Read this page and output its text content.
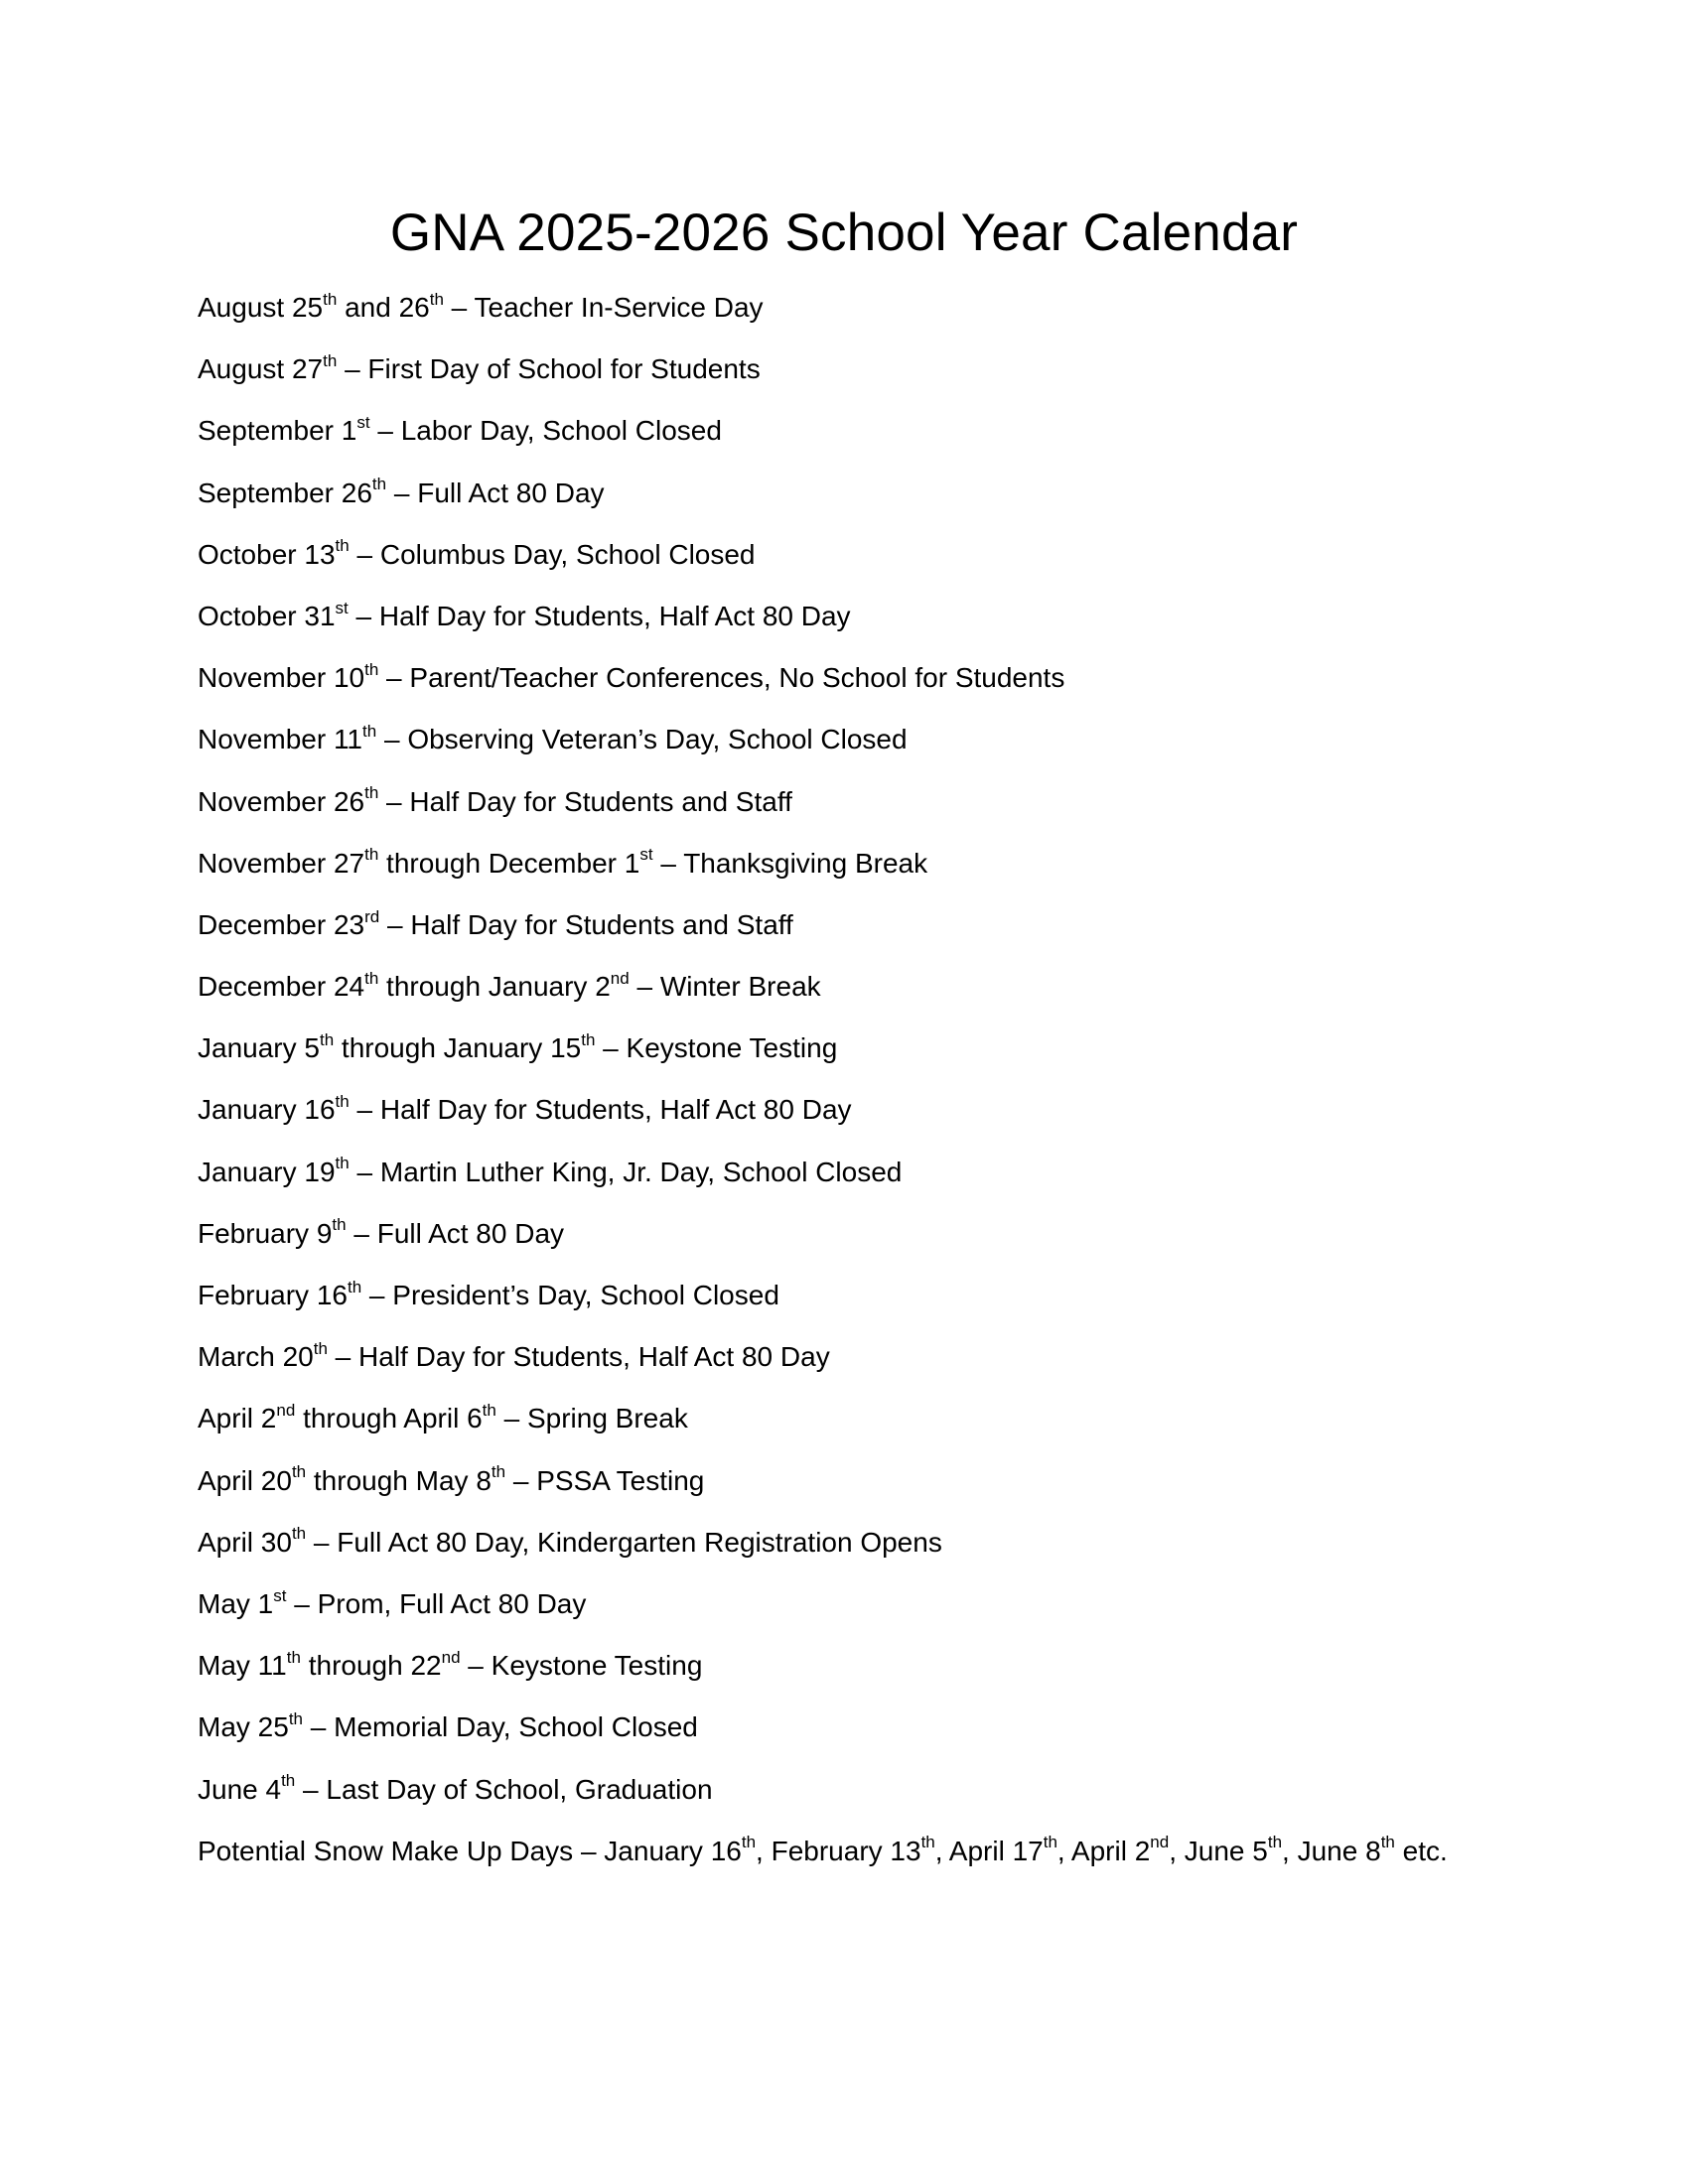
GNA 2025-2026 School Year Calendar
August 25th and 26th – Teacher In-Service Day
August 27th – First Day of School for Students
September 1st – Labor Day, School Closed
September 26th – Full Act 80 Day
October 13th – Columbus Day, School Closed
October 31st – Half Day for Students, Half Act 80 Day
November 10th – Parent/Teacher Conferences, No School for Students
November 11th – Observing Veteran’s Day, School Closed
November 26th – Half Day for Students and Staff
November 27th through December 1st – Thanksgiving Break
December 23rd – Half Day for Students and Staff
December 24th through January 2nd – Winter Break
January 5th through January 15th – Keystone Testing
January 16th – Half Day for Students, Half Act 80 Day
January 19th – Martin Luther King, Jr. Day, School Closed
February 9th – Full Act 80 Day
February 16th – President’s Day, School Closed
March 20th – Half Day for Students, Half Act 80 Day
April 2nd through April 6th – Spring Break
April 20th through May 8th – PSSA Testing
April 30th – Full Act 80 Day, Kindergarten Registration Opens
May 1st – Prom, Full Act 80 Day
May 11th through 22nd – Keystone Testing
May 25th – Memorial Day, School Closed
June 4th – Last Day of School, Graduation
Potential Snow Make Up Days – January 16th, February 13th, April 17th, April 2nd, June 5th, June 8th etc.
